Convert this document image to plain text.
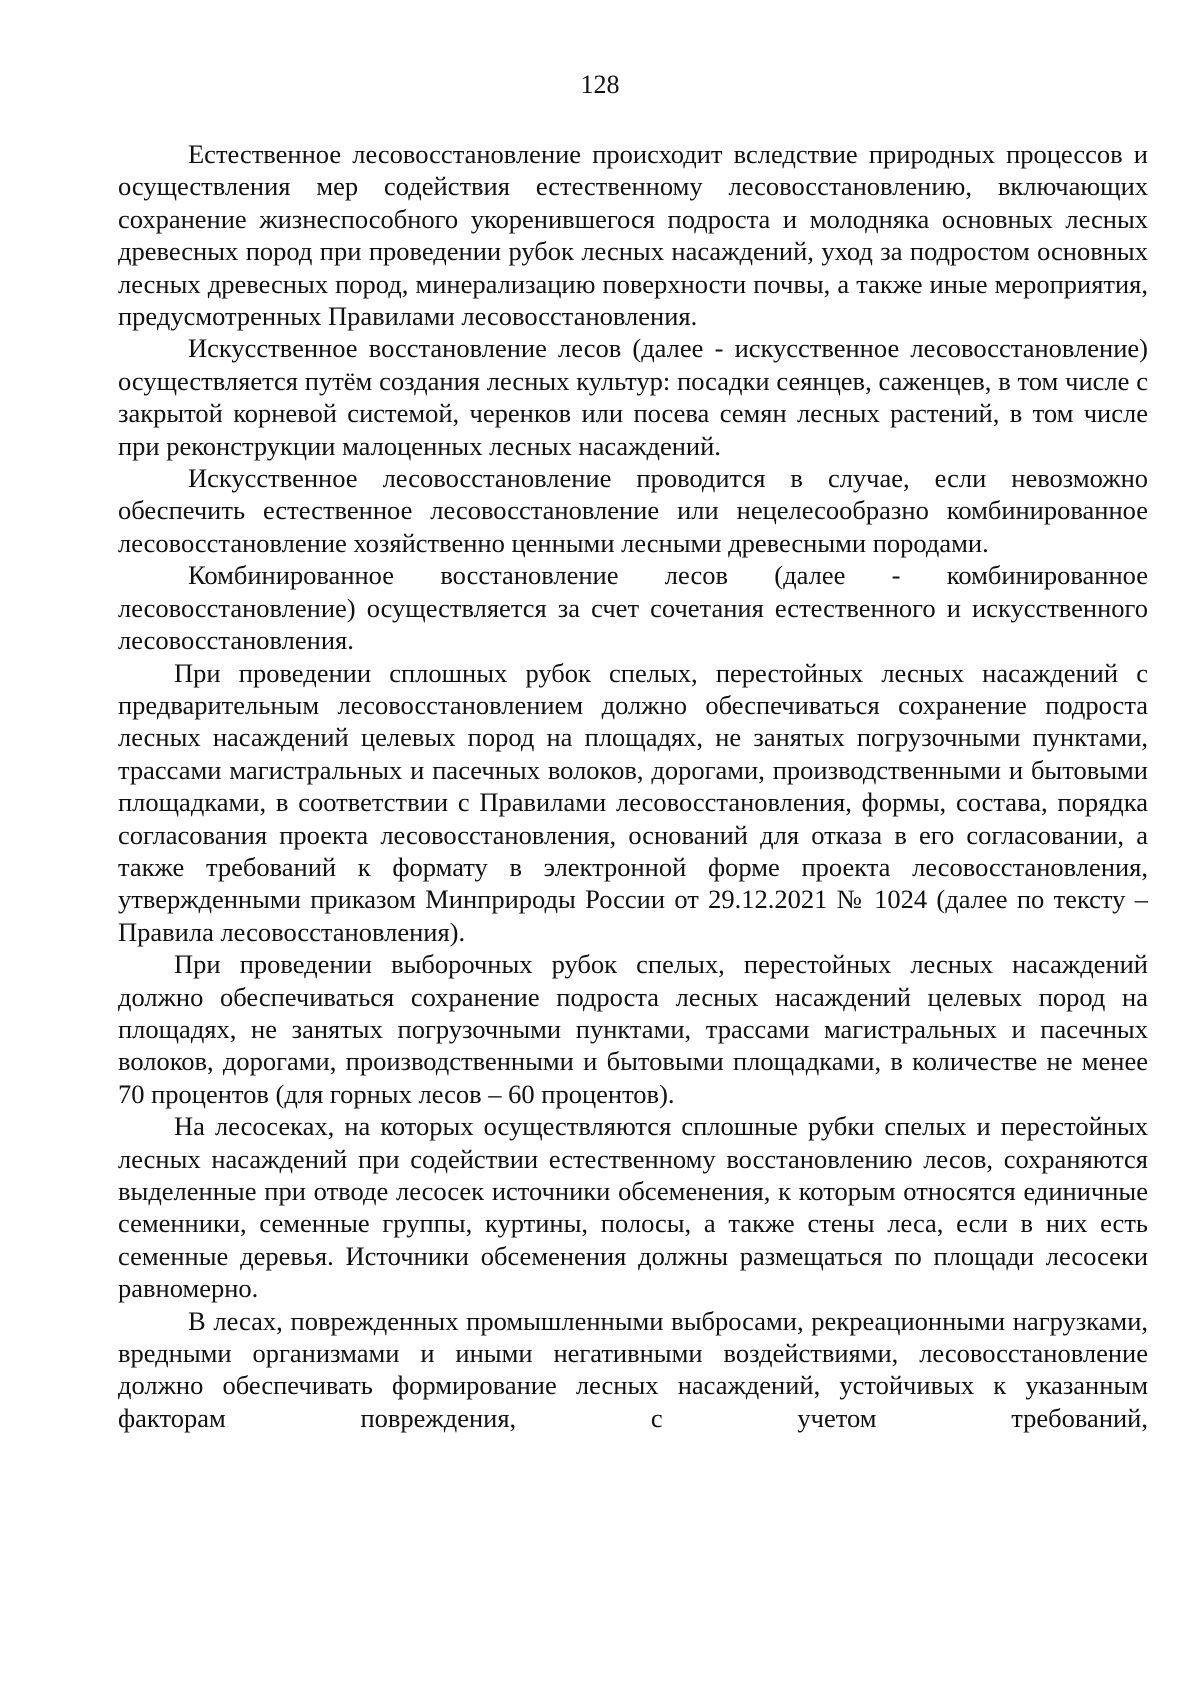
128

Естественное лесовосстановление происходит вследствие природных процессов и осуществления мер содействия естественному лесовосстановлению, включающих сохранение жизнеспособного укоренившегося подроста и молодняка основных лесных древесных пород при проведении рубок лесных насаждений, уход за подростом основных лесных древесных пород, минерализацию поверхности почвы, а также иные мероприятия, предусмотренных Правилами лесовосстановления.

Искусственное восстановление лесов (далее - искусственное лесовосстановление) осуществляется путём создания лесных культур: посадки сеянцев, саженцев, в том числе с закрытой корневой системой, черенков или посева семян лесных растений, в том числе при реконструкции малоценных лесных насаждений.

Искусственное лесовосстановление проводится в случае, если невозможно обеспечить естественное лесовосстановление или нецелесообразно комбинированное лесовосстановление хозяйственно ценными лесными древесными породами.

Комбинированное восстановление лесов (далее - комбинированное лесовосстановление) осуществляется за счет сочетания естественного и искусственного лесовосстановления.

При проведении сплошных рубок спелых, перестойных лесных насаждений с предварительным лесовосстановлением должно обеспечиваться сохранение подроста лесных насаждений целевых пород на площадях, не занятых погрузочными пунктами, трассами магистральных и пасечных волоков, дорогами, производственными и бытовыми площадками, в соответствии с Правилами лесовосстановления, формы, состава, порядка согласования проекта лесовосстановления, оснований для отказа в его согласовании, а также требований к формату в электронной форме проекта лесовосстановления, утвержденными приказом Минприроды России от 29.12.2021 № 1024 (далее по тексту – Правила лесовосстановления).

При проведении выборочных рубок спелых, перестойных лесных насаждений должно обеспечиваться сохранение подроста лесных насаждений целевых пород на площадях, не занятых погрузочными пунктами, трассами магистральных и пасечных волоков, дорогами, производственными и бытовыми площадками, в количестве не менее 70 процентов (для горных лесов – 60 процентов).

На лесосеках, на которых осуществляются сплошные рубки спелых и перестойных лесных насаждений при содействии естественному восстановлению лесов, сохраняются выделенные при отводе лесосек источники обсеменения, к которым относятся единичные семенники, семенные группы, куртины, полосы, а также стены леса, если в них есть семенные деревья. Источники обсеменения должны размещаться по площади лесосеки равномерно.

В лесах, поврежденных промышленными выбросами, рекреационными нагрузками, вредными организмами и иными негативными воздействиями, лесовосстановление должно обеспечивать формирование лесных насаждений, устойчивых к указанным факторам повреждения, с учетом требований,
